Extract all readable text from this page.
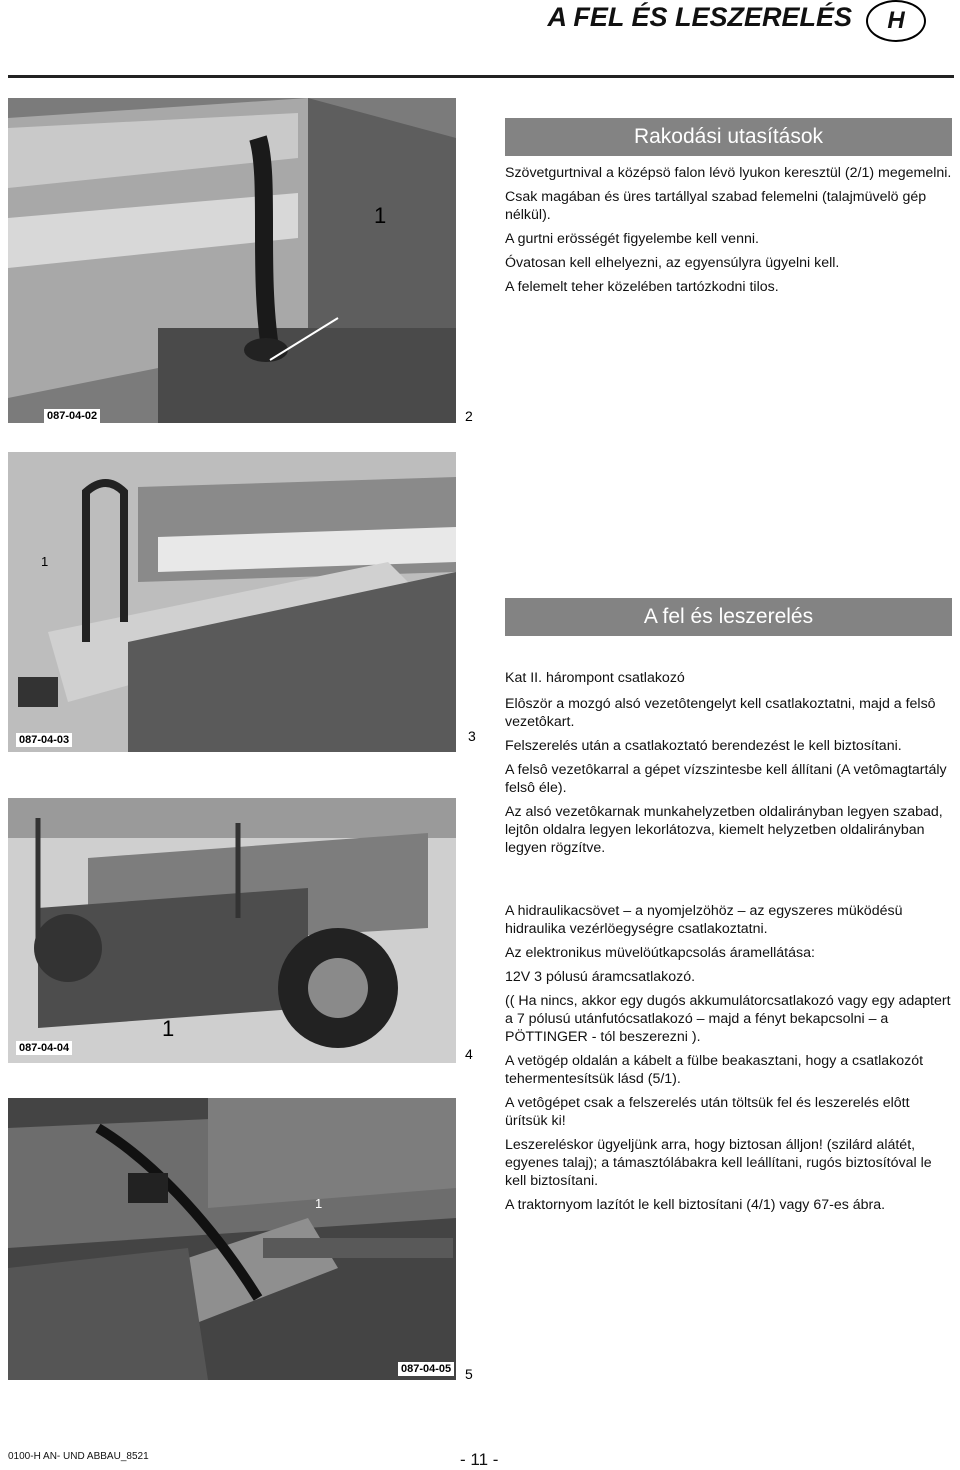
A FEL ÉS LESZERELÉS	H
1
087-04-02	2
1
087-04-03	3
1
087-04-04	4
1
087-04-05 5
Rakodási utasítások

Szövetgurtnival a középsö falon lévö lyukon keresztül (2/1) megemelni.

Csak magában és üres tartállyal szabad felemelni (talajmüvelö gép nélkül).

A gurtni erösségét figyelembe kell venni.

Óvatosan kell elhelyezni, az egyensúlyra ügyelni kell.

A felemelt teher közelében tartózkodni tilos.

A fel és leszerelés

Kat II. hárompont csatlakozó

Elôször a mozgó alsó vezetôtengelyt kell csatlakoztatni, majd a felsô vezetôkart.

Felszerelés után a csatlakoztató berendezést le kell biztosítani.

A felsô vezetôkarral a gépet vízszintesbe kell állítani (A vetômagtartály felsô éle).

Az alsó vezetôkarnak munkahelyzetben oldalirányban legyen szabad, lejtôn oldalra legyen lekorlátozva, kiemelt helyzetben oldalirányban legyen rögzítve.

A hidraulikacsövet – a nyomjelzöhöz – az egyszeres müködésü hidraulika vezérlöegységre csatlakoztatni.

Az elektronikus müvelöútkapcsolás áramellátása:

12V 3 pólusú áramcsatlakozó.

(( Ha nincs, akkor egy dugós akkumulátorcsatlakozó vagy egy adaptert a 7 pólusú utánfutócsatlakozó – majd a fényt bekapcsolni – a PÖTTINGER - tól beszerezni ).

A vetögép oldalán a kábelt a fülbe beakasztani, hogy a csatlakozót tehermentesítsük lásd (5/1).

A vetôgépet csak a felszerelés után töltsük fel és leszerelés elôtt ürítsük ki!

Leszereléskor ügyeljünk arra, hogy biztosan álljon! (szilárd alátét, egyenes talaj); a támasztólábakra kell leállítani, rugós biztosítóval le kell biztosítani.

A traktornyom lazítót le kell biztosítani (4/1) vagy 67-es ábra.

0100-H AN- UND ABBAU_8521	- 11 -
